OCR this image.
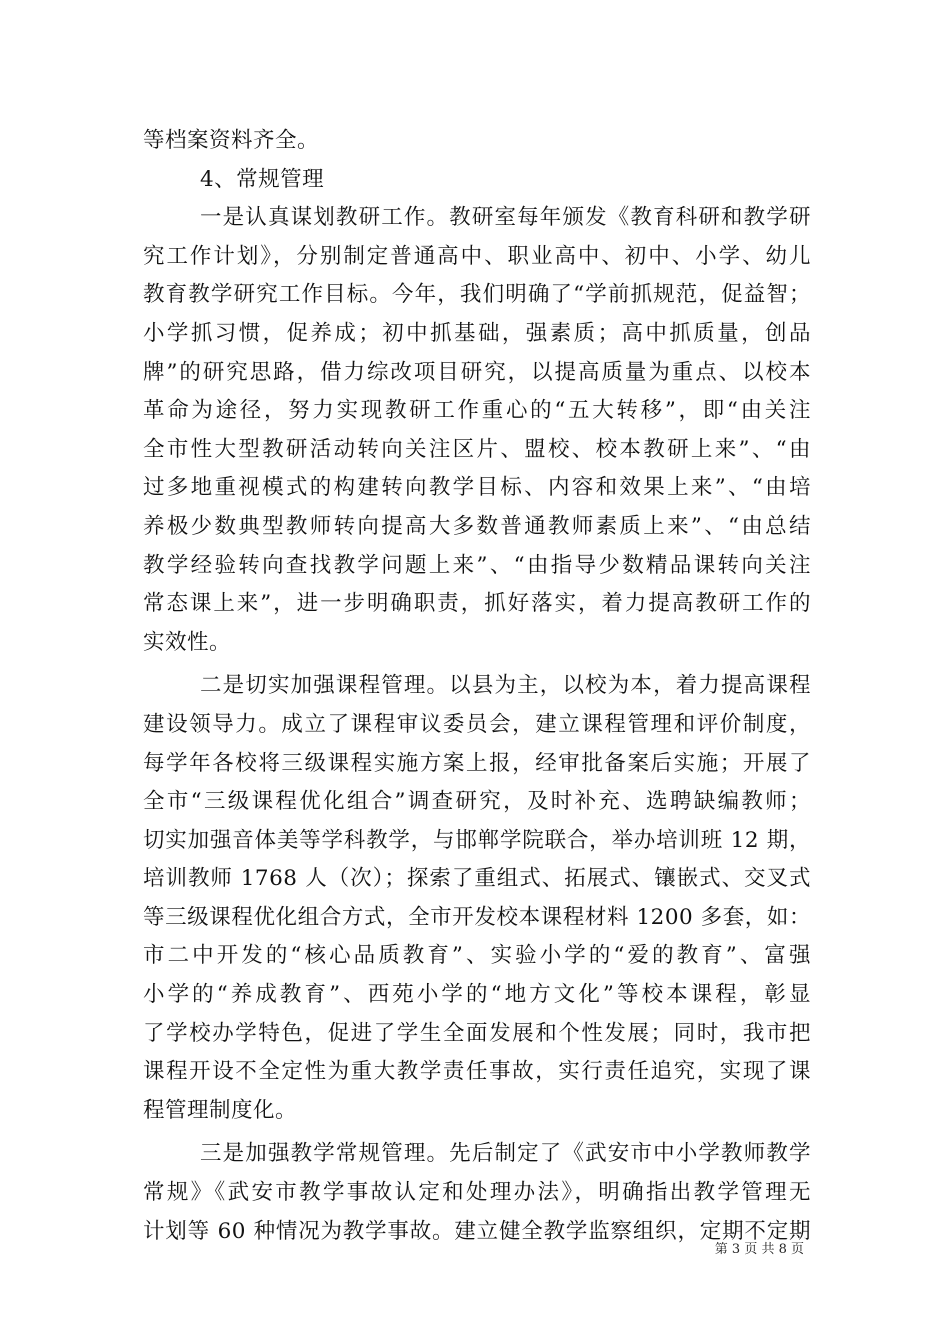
等档案资料齐全。
4、常规管理
一是认真谋划教研工作。教研室每年颁发《教育科研和教学研
究工作计划》，分别制定普通高中、职业高中、初中、小学、幼儿
教育教学研究工作目标。今年，我们明确了“学前抓规范，促益智；
小学抓习惯，促养成；初中抓基础，强素质；高中抓质量，创品
牌”的研究思路，借力综改项目研究，以提高质量为重点、以校本
革命为途径，努力实现教研工作重心的“五大转移”，即“由关注
全市性大型教研活动转向关注区片、盟校、校本教研上来”、“由
过多地重视模式的构建转向教学目标、内容和效果上来”、“由培
养极少数典型教师转向提高大多数普通教师素质上来”、“由总结
教学经验转向查找教学问题上来”、“由指导少数精品课转向关注
常态课上来”，进一步明确职责，抓好落实，着力提高教研工作的
实效性。
二是切实加强课程管理。以县为主，以校为本，着力提高课程
建设领导力。成立了课程审议委员会，建立课程管理和评价制度，
每学年各校将三级课程实施方案上报，经审批备案后实施；开展了
全市“三级课程优化组合”调查研究，及时补充、选聘缺编教师；
切实加强音体美等学科教学，与邯郸学院联合，举办培训班 12 期，
培训教师 1768 人（次）；探索了重组式、拓展式、镶嵌式、交叉式
等三级课程优化组合方式，全市开发校本课程材料 1200 多套，如：
市二中开发的“核心品质教育”、实验小学的“爱的教育”、富强
小学的“养成教育”、西苑小学的“地方文化”等校本课程，彰显
了学校办学特色，促进了学生全面发展和个性发展；同时，我市把
课程开设不全定性为重大教学责任事故，实行责任追究，实现了课
程管理制度化。
三是加强教学常规管理。先后制定了《武安市中小学教师教学
常规》《武安市教学事故认定和处理办法》，明确指出教学管理无
计划等 60 种情况为教学事故。建立健全教学监察组织，定期不定期
第 3 页 共 8 页
